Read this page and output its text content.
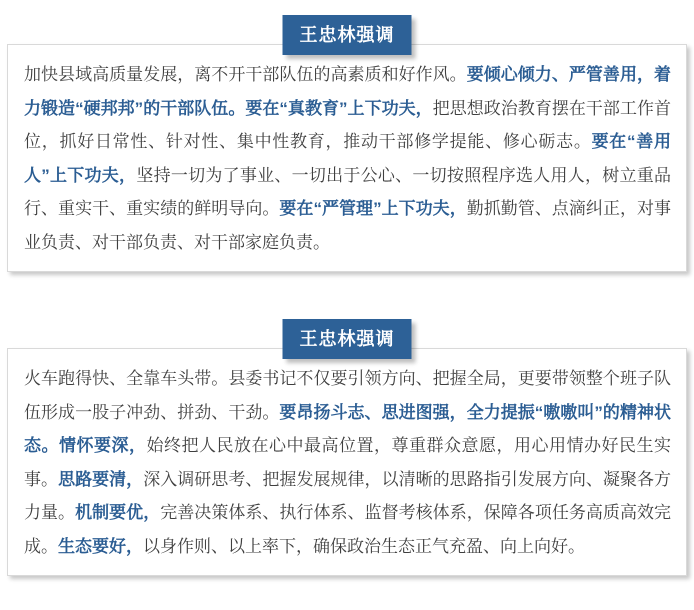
王忠林强调

加快县域高质量发展，离不开干部队伍的高素质和好作风。要倾心倾力、严管善用，着力锻造“硬邦邦”的干部队伍。要在“真教育”上下功夫，把思想政治教育摆在干部工作首位，抓好日常性、针对性、集中性教育，推动干部修学提能、修心砺志。要在“善用人”上下功夫，坚持一切为了事业、一切出于公心、一切按照程序选人用人，树立重品行、重实干、重实绩的鲜明导向。要在“严管理”上下功夫，勤抓勤管、点滴纠正，对事业负责、对干部负责、对干部家庭负责。

王忠林强调

火车跑得快、全靠车头带。县委书记不仅要引领方向、把握全局，更要带领整个班子队伍形成一股子冲劲、拼劲、干劲。要昂扬斗志、思进图强，全力提振“嗷嗷叫”的精神状态。情怀要深，始终把人民放在心中最高位置，尊重群众意愿，用心用情办好民生实事。思路要清，深入调研思考、把握发展规律，以清晰的思路指引发展方向、凝聚各方力量。机制要优，完善决策体系、执行体系、监督考核体系，保障各项任务高质高效完成。生态要好，以身作则、以上率下，确保政治生态正气充盈、向上向好。
